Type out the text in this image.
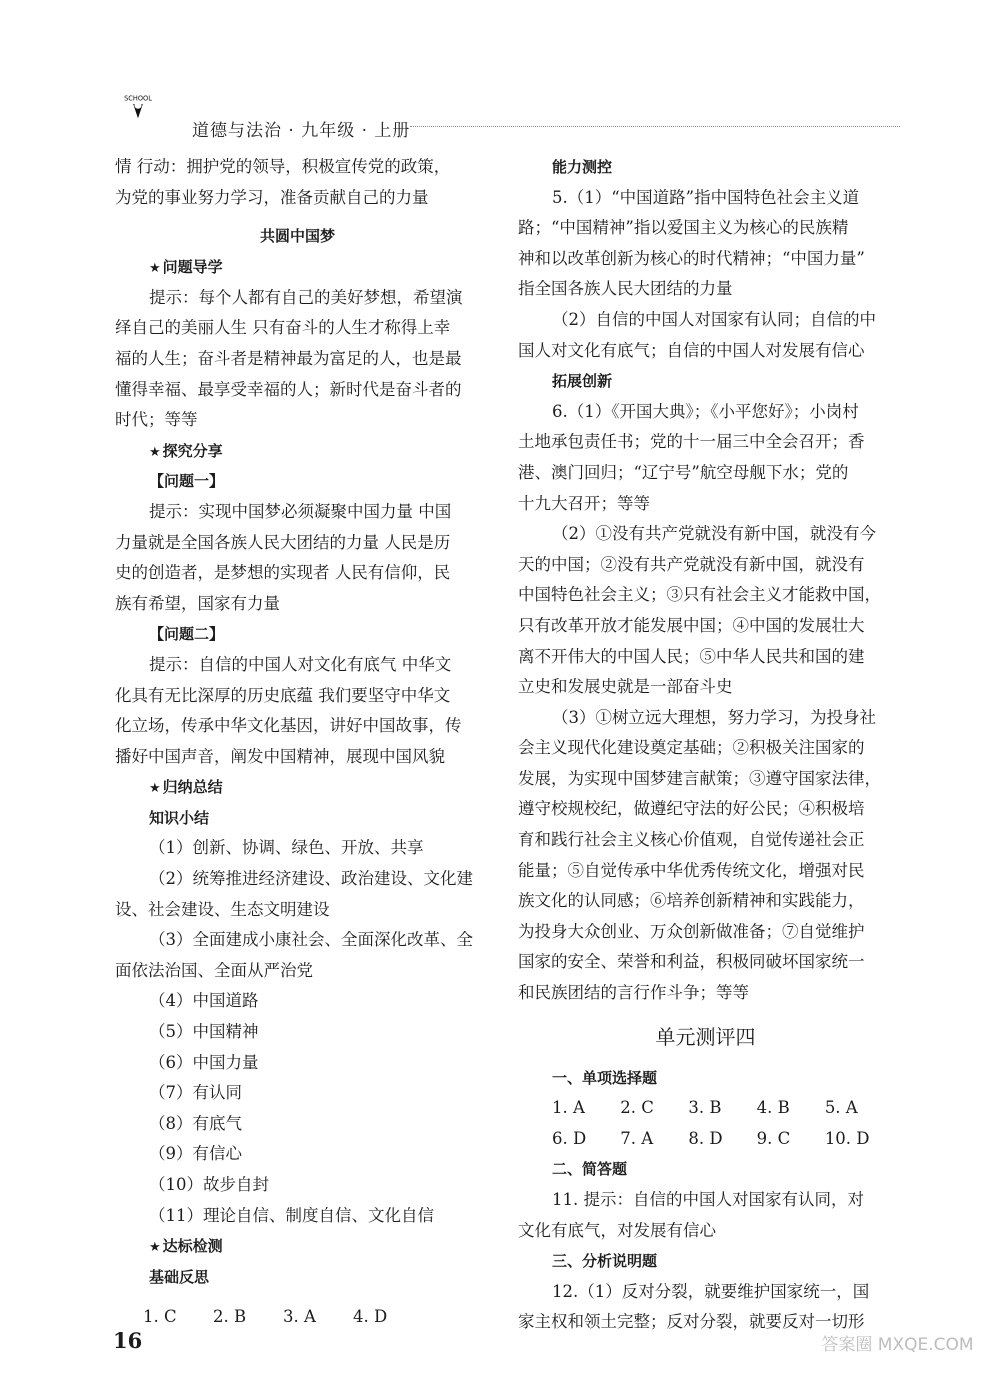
SCHOOL
道德与法治 · 九年级 · 上册
情 行动：拥护党的领导，积极宣传党的政策，
为党的事业努力学习，准备贡献自己的力量
共圆中国梦
★ 问题导学
提示：每个人都有自己的美好梦想，希望演
绎自己的美丽人生 只有奋斗的人生才称得上幸
福的人生；奋斗者是精神最为富足的人，也是最
懂得幸福、最享受幸福的人；新时代是奋斗者的
时代；等等
★ 探究分享
【问题一】
提示：实现中国梦必须凝聚中国力量 中国
力量就是全国各族人民大团结的力量 人民是历
史的创造者，是梦想的实现者 人民有信仰，民
族有希望，国家有力量
【问题二】
提示：自信的中国人对文化有底气 中华文
化具有无比深厚的历史底蕴 我们要坚守中华文
化立场，传承中华文化基因，讲好中国故事，传
播好中国声音，阐发中国精神，展现中国风貌
★ 归纳总结
知识小结
（1）创新、协调、绿色、开放、共享
（2）统筹推进经济建设、政治建设、文化建
设、社会建设、生态文明建设
（3）全面建成小康社会、全面深化改革、全
面依法治国、全面从严治党
（4）中国道路
（5）中国精神
（6）中国力量
（7）有认同
（8）有底气
（9）有信心
（10）故步自封
（11）理论自信、制度自信、文化自信
★ 达标检测
基础反思
1. C	2. B	3. A	4. D
能力测控
5.（1）“中国道路”指中国特色社会主义道
路；“中国精神”指以爱国主义为核心的民族精
神和以改革创新为核心的时代精神；“中国力量”
指全国各族人民大团结的力量
（2）自信的中国人对国家有认同；自信的中
国人对文化有底气；自信的中国人对发展有信心
拓展创新
6.（1）《开国大典》；《小平您好》；小岗村
土地承包责任书；党的十一届三中全会召开；香
港、澳门回归；“辽宁号”航空母舰下水；党的
十九大召开；等等
（2）①没有共产党就没有新中国，就没有今
天的中国；②没有共产党就没有新中国，就没有
中国特色社会主义；③只有社会主义才能救中国，
只有改革开放才能发展中国；④中国的发展壮大
离不开伟大的中国人民；⑤中华人民共和国的建
立史和发展史就是一部奋斗史
（3）①树立远大理想，努力学习，为投身社
会主义现代化建设奠定基础；②积极关注国家的
发展，为实现中国梦建言献策；③遵守国家法律，
遵守校规校纪，做遵纪守法的好公民；④积极培
育和践行社会主义核心价值观，自觉传递社会正
能量；⑤自觉传承中华优秀传统文化，增强对民
族文化的认同感；⑥培养创新精神和实践能力，
为投身大众创业、万众创新做准备；⑦自觉维护
国家的安全、荣誉和利益，积极同破坏国家统一
和民族团结的言行作斗争；等等
单元测评四
一、单项选择题
1. A	2. C	3. B	4. B	5. A
6. D	7. A	8. D	9. C	10. D
二、简答题
11. 提示：自信的中国人对国家有认同，对
文化有底气，对发展有信心
三、分析说明题
12.（1）反对分裂，就要维护国家统一，国
家主权和领土完整；反对分裂，就要反对一切形
16	答案圈 MXQE.COM
